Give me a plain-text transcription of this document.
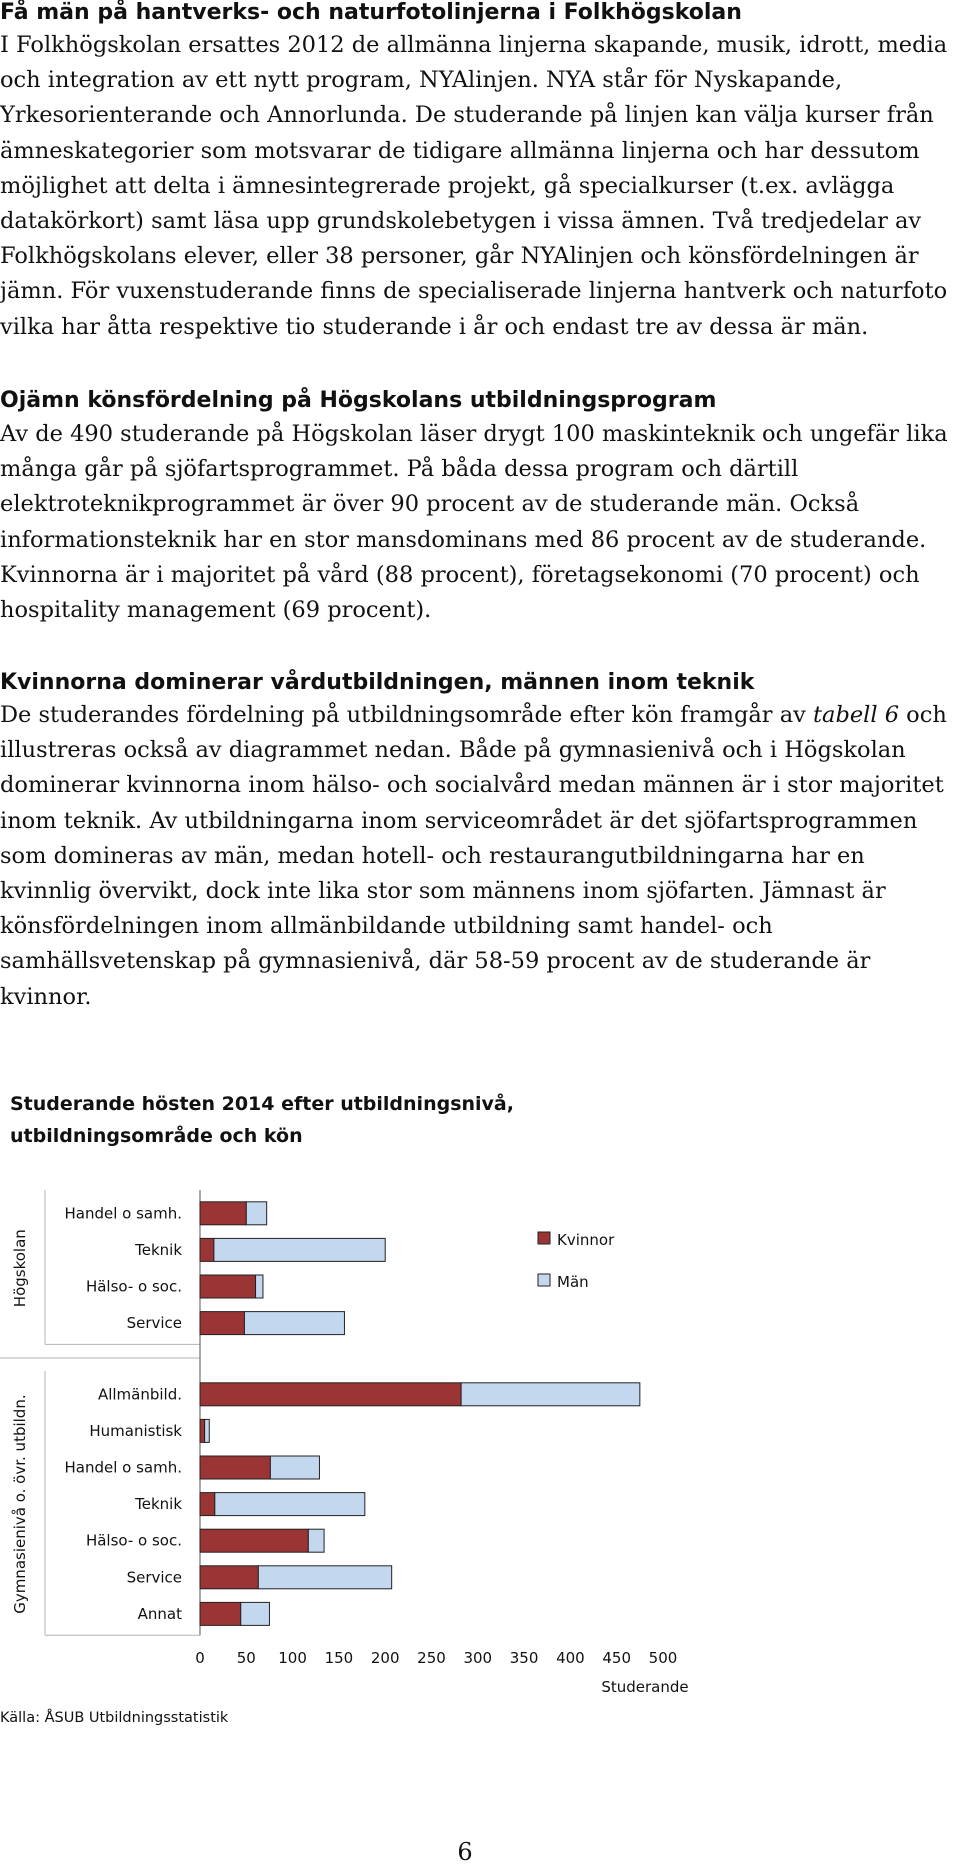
Få män på hantverks- och naturfotolinjerna i Folkhögskolan

I Folkhögskolan ersattes 2012 de allmänna linjerna skapande, musik, idrott, media och integration av ett nytt program, NYAlinjen. NYA står för Nyskapande, Yrkesorienterande och Annorlunda. De studerande på linjen kan välja kurser från ämneskategorier som motsvarar de tidigare allmänna linjerna och har dessutom möjlighet att delta i ämnesintegrerade projekt, gå specialkurser (t.ex. avlägga datakörkort) samt läsa upp grundskolebetygen i vissa ämnen. Två tredjedelar av Folkhögskolans elever, eller 38 personer, går NYAlinjen och könsfördelningen är jämn. För vuxenstuderande finns de specialiserade linjerna hantverk och naturfoto vilka har åtta respektive tio studerande i år och endast tre av dessa är män.

Ojämn könsfördelning på Högskolans utbildningsprogram

Av de 490 studerande på Högskolan läser drygt 100 maskinteknik och ungefär lika många går på sjöfartsprogrammet. På båda dessa program och därtill elektroteknikprogrammet är över 90 procent av de studerande män. Också informationsteknik har en stor mansdominans med 86 procent av de studerande. Kvinnorna är i majoritet på vård (88 procent), företagsekonomi (70 procent) och hospitality management (69 procent).

Kvinnorna dominerar vårdutbildningen, männen inom teknik

De studerandes fördelning på utbildningsområde efter kön framgår av tabell 6 och illustreras också av diagrammet nedan. Både på gymnasienivå och i Högskolan dominerar kvinnorna inom hälso- och socialvård medan männen är i stor majoritet inom teknik. Av utbildningarna inom serviceområdet är det sjöfartsprogrammen som domineras av män, medan hotell- och restaurangutbildningarna har en kvinnlig övervikt, dock inte lika stor som männens inom sjöfarten. Jämnast är könsfördelningen inom allmänbildande utbildning samt handel- och samhällsvetenskap på gymnasienivå, där 58-59 procent av de studerande är kvinnor.

Studerande hösten 2014 efter utbildningsnivå,
utbildningsområde och kön
Högskolan
Gymnasienivå o. övr. utbildn.
Handel o samh.
Teknik
Hälso- o soc.
Service
Allmänbild.
Humanistisk
Handel o samh.
Teknik
Hälso- o soc.
Service
Annat
0 50 100 150 200 250 300 350 400 450 500
Studerande
Kvinnor
Män
Källa: ÅSUB Utbildningsstatistik
6
